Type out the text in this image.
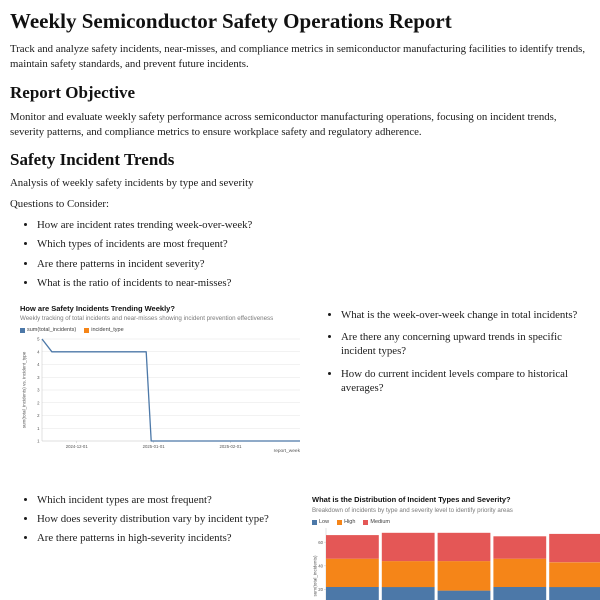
Weekly Semiconductor Safety Operations Report

Track and analyze safety incidents, near-misses, and compliance metrics in semiconductor manufacturing facilities to identify trends, maintain safety standards, and prevent future incidents.

Report Objective

Monitor and evaluate weekly safety performance across semiconductor manufacturing operations, focusing on incident trends, severity patterns, and compliance metrics to ensure workplace safety and regulatory adherence.

Safety Incident Trends

Analysis of weekly safety incidents by type and severity

Questions to Consider:

• How are incident rates trending week-over-week?
• Which types of incidents are most frequent?
• Are there patterns in incident severity?
• What is the ratio of incidents to near-misses?
How are Safety Incidents Trending Weekly?
Weekly tracking of total incidents and near-misses showing incident prevention effectiveness
sum(total_incidents)	incident_type
1
1
2
2
3
3
4
4
5
2024-12-01	2025-01-01	2025-02-01
report_week
sum(total_incidents) vs. incident_type
• What is the week-over-week change in total incidents?
• Are there any concerning upward trends in specific incident types?
• How do current incident levels compare to historical averages?
• Which incident types are most frequent?
• How does severity distribution vary by incident type?
• Are there patterns in high-severity incidents?
What is the Distribution of Incident Types and Severity?
Breakdown of incidents by type and severity level to identify priority areas
Low	High	Medium
20
40
60
sum(total_incidents)
